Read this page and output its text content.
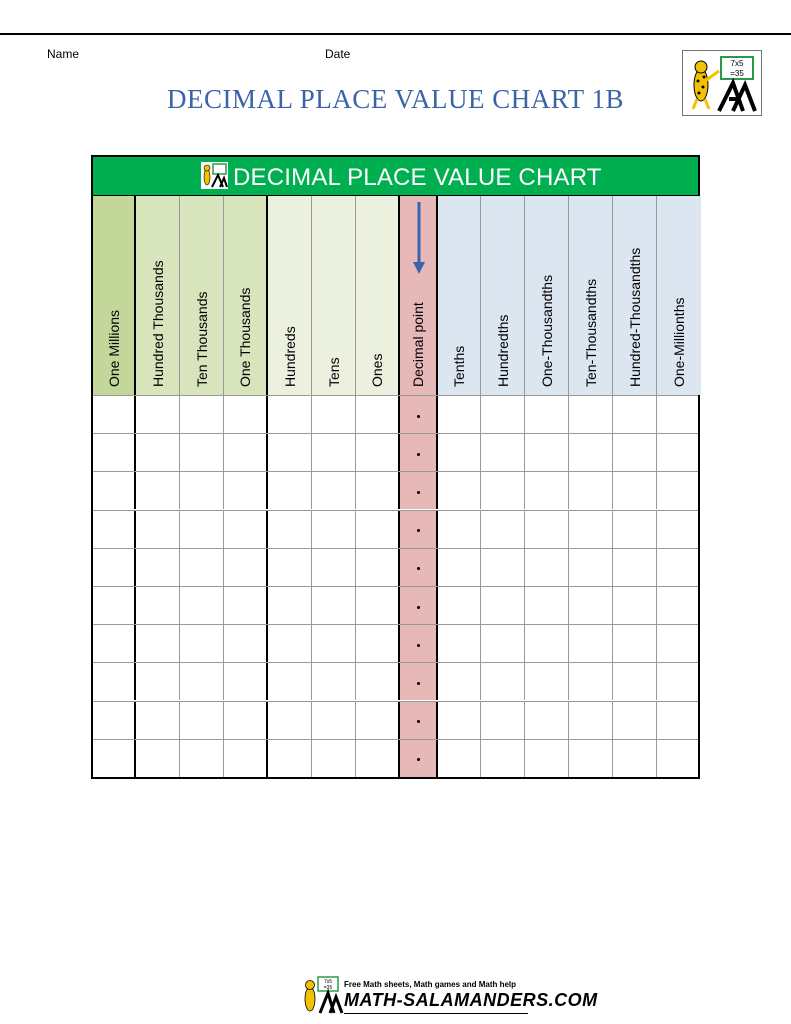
Name	Date
7x5
=35
DECIMAL PLACE VALUE CHART 1B
DECIMAL PLACE VALUE CHART
One Millions Hundred Thousands Ten Thousands One Thousands Hundreds Tens Ones Decimal point Tenths Hundredths One-Thousandths Ten-Thousandths Hundred-Thousandths One-Millionths
7x5
=35 Free Math sheets, Math games and Math help
MATH-SALAMANDERS.COM
